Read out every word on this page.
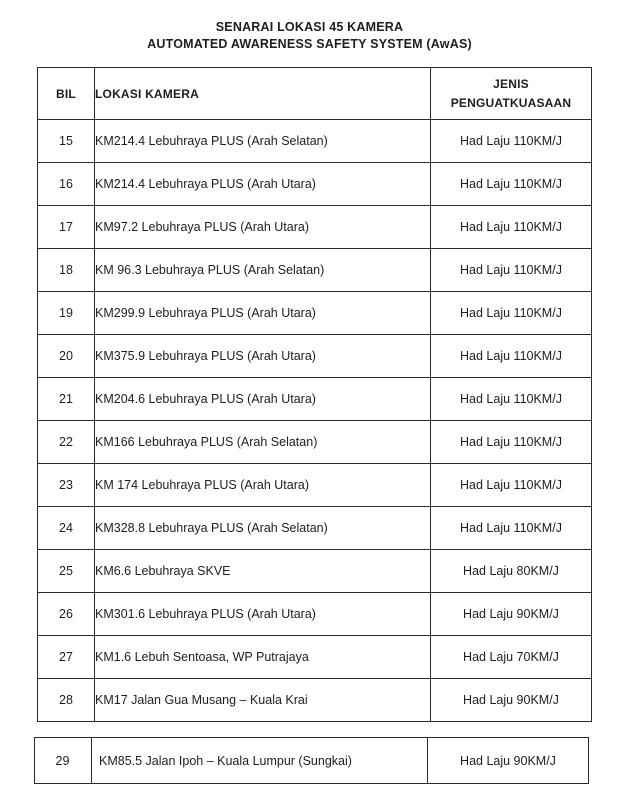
SENARAI LOKASI 45 KAMERA
AUTOMATED AWARENESS SAFETY SYSTEM (AwAS)
BIL	LOKASI KAMERA	JENIS
PENGUATKUASAAN

15	KM214.4 Lebuhraya PLUS (Arah Selatan)	Had Laju 110KM/J
16	KM214.4 Lebuhraya PLUS (Arah Utara)	Had Laju 110KM/J
17	KM97.2 Lebuhraya PLUS (Arah Utara)	Had Laju 110KM/J
18	KM 96.3 Lebuhraya PLUS (Arah Selatan)	Had Laju 110KM/J
19	KM299.9 Lebuhraya PLUS (Arah Utara)	Had Laju 110KM/J
20	KM375.9 Lebuhraya PLUS (Arah Utara)	Had Laju 110KM/J
21	KM204.6 Lebuhraya PLUS (Arah Utara)	Had Laju 110KM/J
22	KM166 Lebuhraya PLUS (Arah Selatan)	Had Laju 110KM/J
23	KM 174 Lebuhraya PLUS (Arah Utara)	Had Laju 110KM/J
24	KM328.8 Lebuhraya PLUS (Arah Selatan)	Had Laju 110KM/J
25	KM6.6 Lebuhraya SKVE	Had Laju 80KM/J
26	KM301.6 Lebuhraya PLUS (Arah Utara)	Had Laju 90KM/J
27	KM1.6 Lebuh Sentoasa, WP Putrajaya	Had Laju 70KM/J
28	KM17 Jalan Gua Musang – Kuala Krai	Had Laju 90KM/J
29	KM85.5 Jalan Ipoh – Kuala Lumpur (Sungkai)	Had Laju 90KM/J
